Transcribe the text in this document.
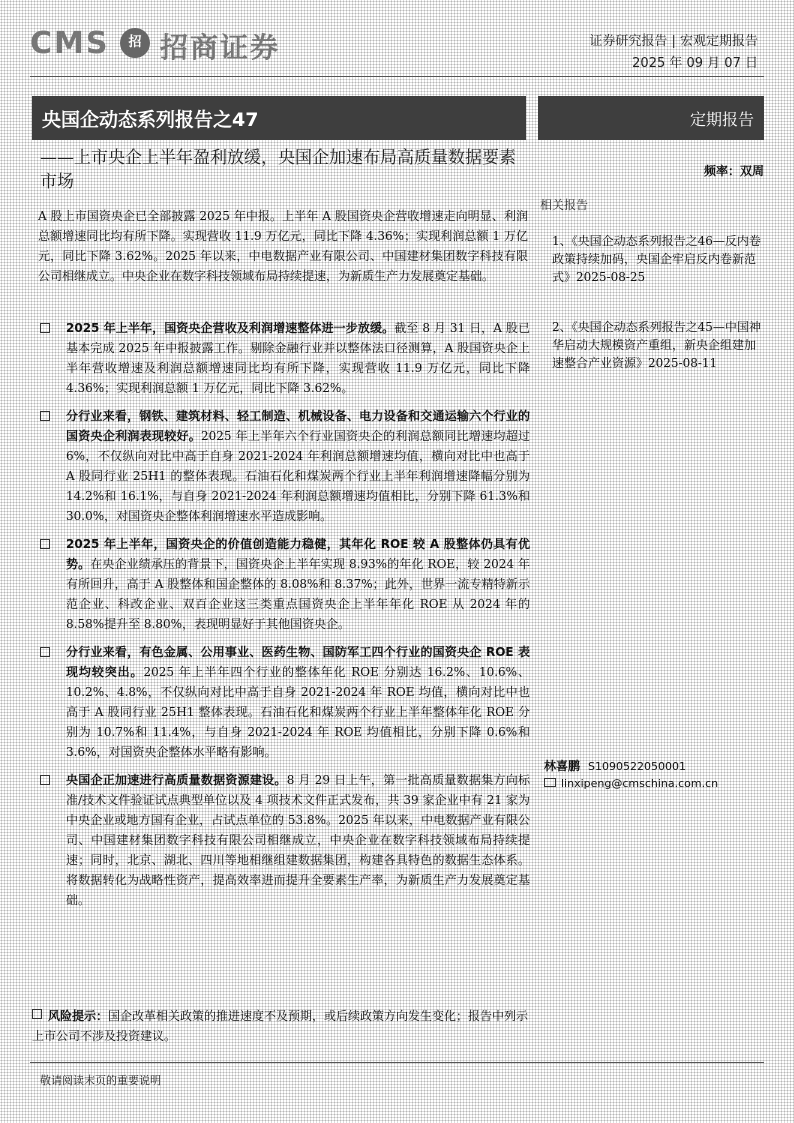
CMS	招 招商证券	证券研究报告 | 宏观定期报告
2025 年 09 月 07 日
央国企动态系列报告之47	定期报告
——上市央企上半年盈利放缓，央国企加速布局高质量数据要素市场
频率：双周
相关报告
1、《央国企动态系列报告之46—反内卷政策持续加码，央国企牢启反内卷新范式》2025-08-25
2、《央国企动态系列报告之45—中国神华启动大规模资产重组，新央企组建加速整合产业资源》2025-08-11
A 股上市国资央企已全部披露 2025 年中报。上半年 A 股国资央企营收增速走向明显、利润总额增速同比均有所下降。实现营收 11.9 万亿元，同比下降 4.36%；实现利润总额 1 万亿元，同比下降 3.62%。2025 年以来，中电数据产业有限公司、中国建材集团数字科技有限公司相继成立。中央企业在数字科技领域布局持续提速，为新质生产力发展奠定基础。
2025 年上半年，国资央企营收及利润增速整体进一步放缓。截至 8 月 31 日，A 股已基本完成 2025 年中报披露工作。剔除金融行业并以整体法口径测算，A 股国资央企上半年营收增速及利润总额增速同比均有所下降，实现营收 11.9 万亿元，同比下降 4.36%；实现利润总额 1 万亿元，同比下降 3.62%。
分行业来看，钢铁、建筑材料、轻工制造、机械设备、电力设备和交通运输六个行业的国资央企利润表现较好。2025 年上半年六个行业国资央企的利润总额同比增速均超过 6%，不仅纵向对比中高于自身 2021-2024 年利润总额增速均值，横向对比中也高于 A 股同行业 25H1 的整体表现。石油石化和煤炭两个行业上半年利润增速降幅分别为 14.2%和 16.1%，与自身 2021-2024 年利润总额增速均值相比，分别下降 61.3%和 30.0%，对国资央企整体利润增速水平造成影响。
2025 年上半年，国资央企的价值创造能力稳健，其年化 ROE 较 A 股整体仍具有优势。在央企业绩承压的背景下，国资央企上半年实现 8.93%的年化 ROE，较 2024 年有所回升，高于 A 股整体和国企整体的 8.08%和 8.37%；此外，世界一流专精特新示范企业、科改企业、双百企业这三类重点国资央企上半年年化 ROE 从 2024 年的 8.58%提升至 8.80%，表现明显好于其他国资央企。
分行业来看，有色金属、公用事业、医药生物、国防军工四个行业的国资央企 ROE 表现均较突出。2025 年上半年四个行业的整体年化 ROE 分别达 16.2%、10.6%、10.2%、4.8%，不仅纵向对比中高于自身 2021-2024 年 ROE 均值，横向对比中也高于 A 股同行业 25H1 整体表现。石油石化和煤炭两个行业上半年整体年化 ROE 分别为 10.7%和 11.4%，与自身 2021-2024 年 ROE 均值相比，分别下降 0.6%和 3.6%，对国资央企整体水平略有影响。
央国企正加速进行高质量数据资源建设。8 月 29 日上午，第一批高质量数据集方向标准/技术文件验证试点典型单位以及 4 项技术文件正式发布，共 39 家企业中有 21 家为中央企业或地方国有企业，占试点单位的 53.8%。2025 年以来，中电数据产业有限公司、中国建材集团数字科技有限公司相继成立，中央企业在数字科技领域布局持续提速；同时，北京、湖北、四川等地相继组建数据集团，构建各具特色的数据生态体系。将数据转化为战略性资产，提高效率进而提升全要素生产率，为新质生产力发展奠定基础。
风险提示：国企改革相关政策的推进速度不及预期，或后续政策方向发生变化；报告中列示上市公司不涉及投资建议。
林喜鹏 S1090522050001
linxipeng@cmschina.com.cn
敬请阅读末页的重要说明
